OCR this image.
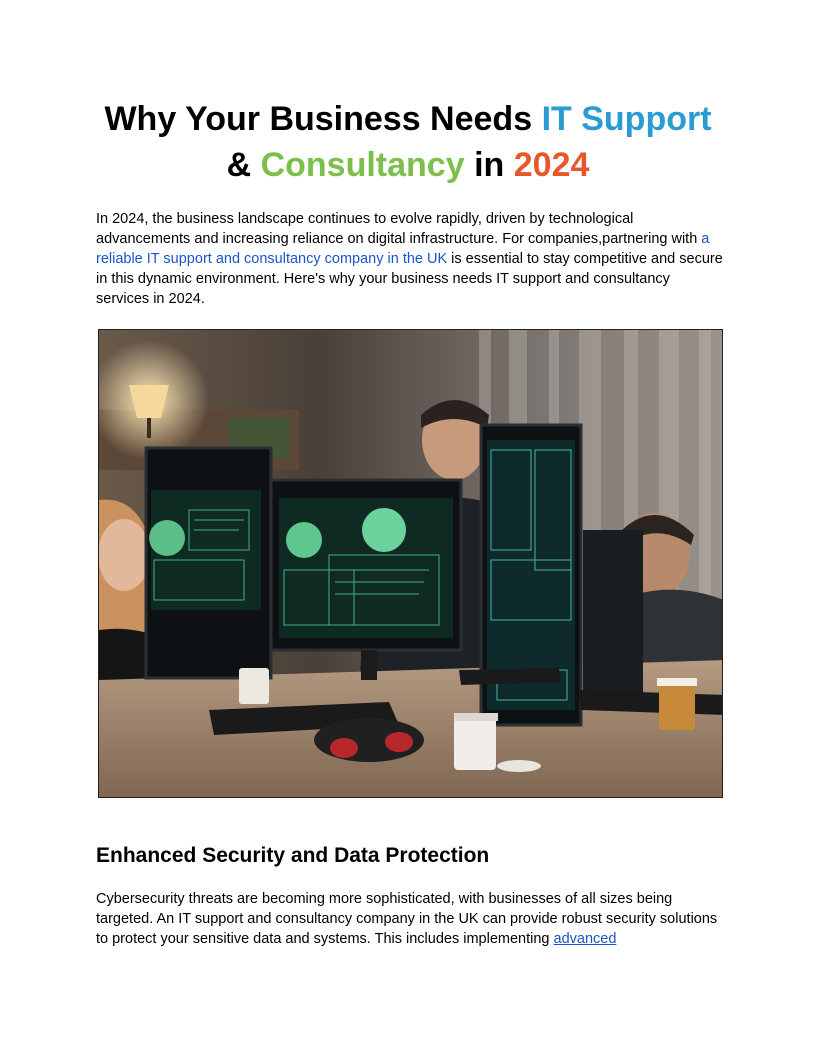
Why Your Business Needs IT Support
& Consultancy in 2024

In 2024, the business landscape continues to evolve rapidly, driven by technological advancements and increasing reliance on digital infrastructure. For companies,partnering with a reliable IT support and consultancy company in the UK is essential to stay competitive and secure in this dynamic environment. Here's why your business needs IT support and consultancy services in 2024.

Enhanced Security and Data Protection

Cybersecurity threats are becoming more sophisticated, with businesses of all sizes being targeted. An IT support and consultancy company in the UK can provide robust security solutions to protect your sensitive data and systems. This includes implementing advanced
